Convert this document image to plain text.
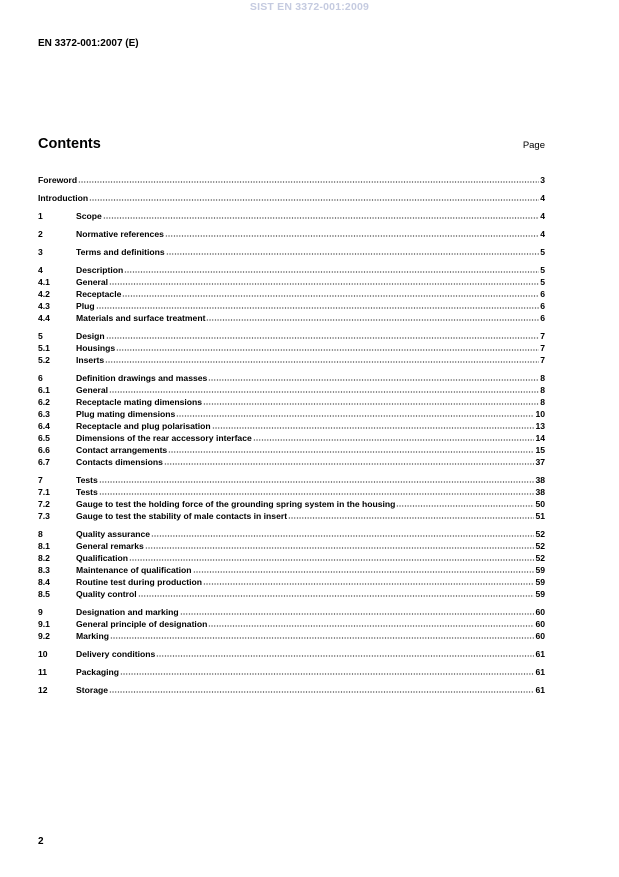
SIST EN 3372-001:2009
EN 3372-001:2007 (E)
Contents	Page
Foreword	3
Introduction	4
1	Scope	4
2	Normative references	4
3	Terms and definitions	5
4	Description	5
4.1	General	5
4.2	Receptacle	6
4.3	Plug	6
4.4	Materials and surface treatment	6
5	Design	7
5.1	Housings	7
5.2	Inserts	7
6	Definition drawings and masses	8
6.1	General	8
6.2	Receptacle mating dimensions	8
6.3	Plug mating dimensions	10
6.4	Receptacle and plug polarisation	13
6.5	Dimensions of the rear accessory interface	14
6.6	Contact arrangements	15
6.7	Contacts dimensions	37
7	Tests	38
7.1	Tests	38
7.2	Gauge to test the holding force of the grounding spring system in the housing	50
7.3	Gauge to test the stability of male contacts in insert	51
8	Quality assurance	52
8.1	General remarks	52
8.2	Qualification	52
8.3	Maintenance of qualification	59
8.4	Routine test during production	59
8.5	Quality control	59
9	Designation and marking	60
9.1	General principle of designation	60
9.2	Marking	60
10	Delivery conditions	61
11	Packaging	61
12	Storage	61
2
